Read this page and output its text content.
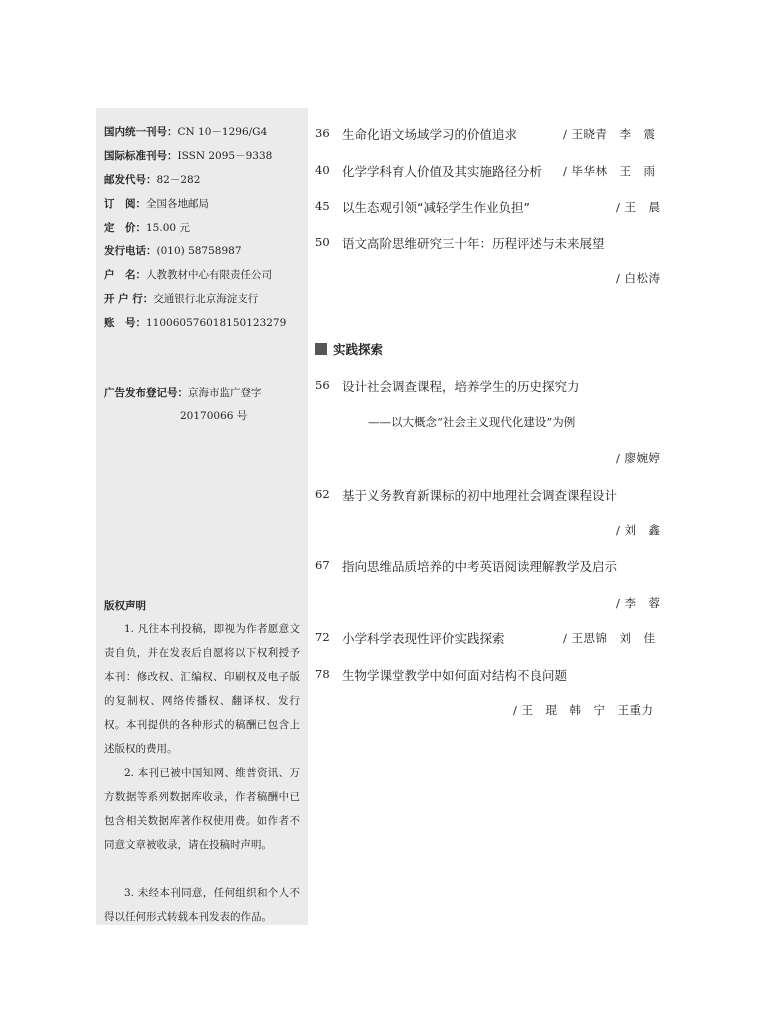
国内统一刊号：CN 10－1296/G4
国际标准刊号：ISSN 2095－9338
邮发代号：82－282
订 阅： 全国各地邮局
定 价： 15.00 元
发行电话：(010) 58758987
户 名： 人教教材中心有限责任公司
开 户 行：交通银行北京海淀支行
账 号： 110060576018150123279
广告发布登记号：京海市监广登字
20170066 号
版权声明
1. 凡往本刊投稿，即视为作者愿意文责自负，并在发表后自愿将以下权利授予本刊：修改权、汇编权、印刷权及电子版的复制权、网络传播权、翻译权、发行权。本刊提供的各种形式的稿酬已包含上述版权的费用。
2. 本刊已被中国知网、维普资讯、万方数据等系列数据库收录，作者稿酬中已包含相关数据库著作权使用费。如作者不同意文章被收录，请在投稿时声明。
3. 未经本刊同意，任何组织和个人不得以任何形式转载本刊发表的作品。
36 生命化语文场域学习的价值追求	/ 王晓青　李　震
40 化学学科育人价值及其实施路径分析 / 毕华林　王　雨
45 以生态观引领“减轻学生作业负担”	/ 王　晨
50 语文高阶思维研究三十年：历程评述与未来展望
/ 白松涛
实践探索
56 设计社会调查课程，培养学生的历史探究力
——以大概念“社会主义现代化建设”为例
/ 廖婉婷
62 基于义务教育新课标的初中地理社会调查课程设计
/ 刘　鑫
67 指向思维品质培养的中考英语阅读理解教学及启示
/ 李　蓉
72 小学科学表现性评价实践探索	/ 王思锦　刘　佳
78 生物学课堂教学中如何面对结构不良问题
/ 王　琨　韩　宁　王重力
